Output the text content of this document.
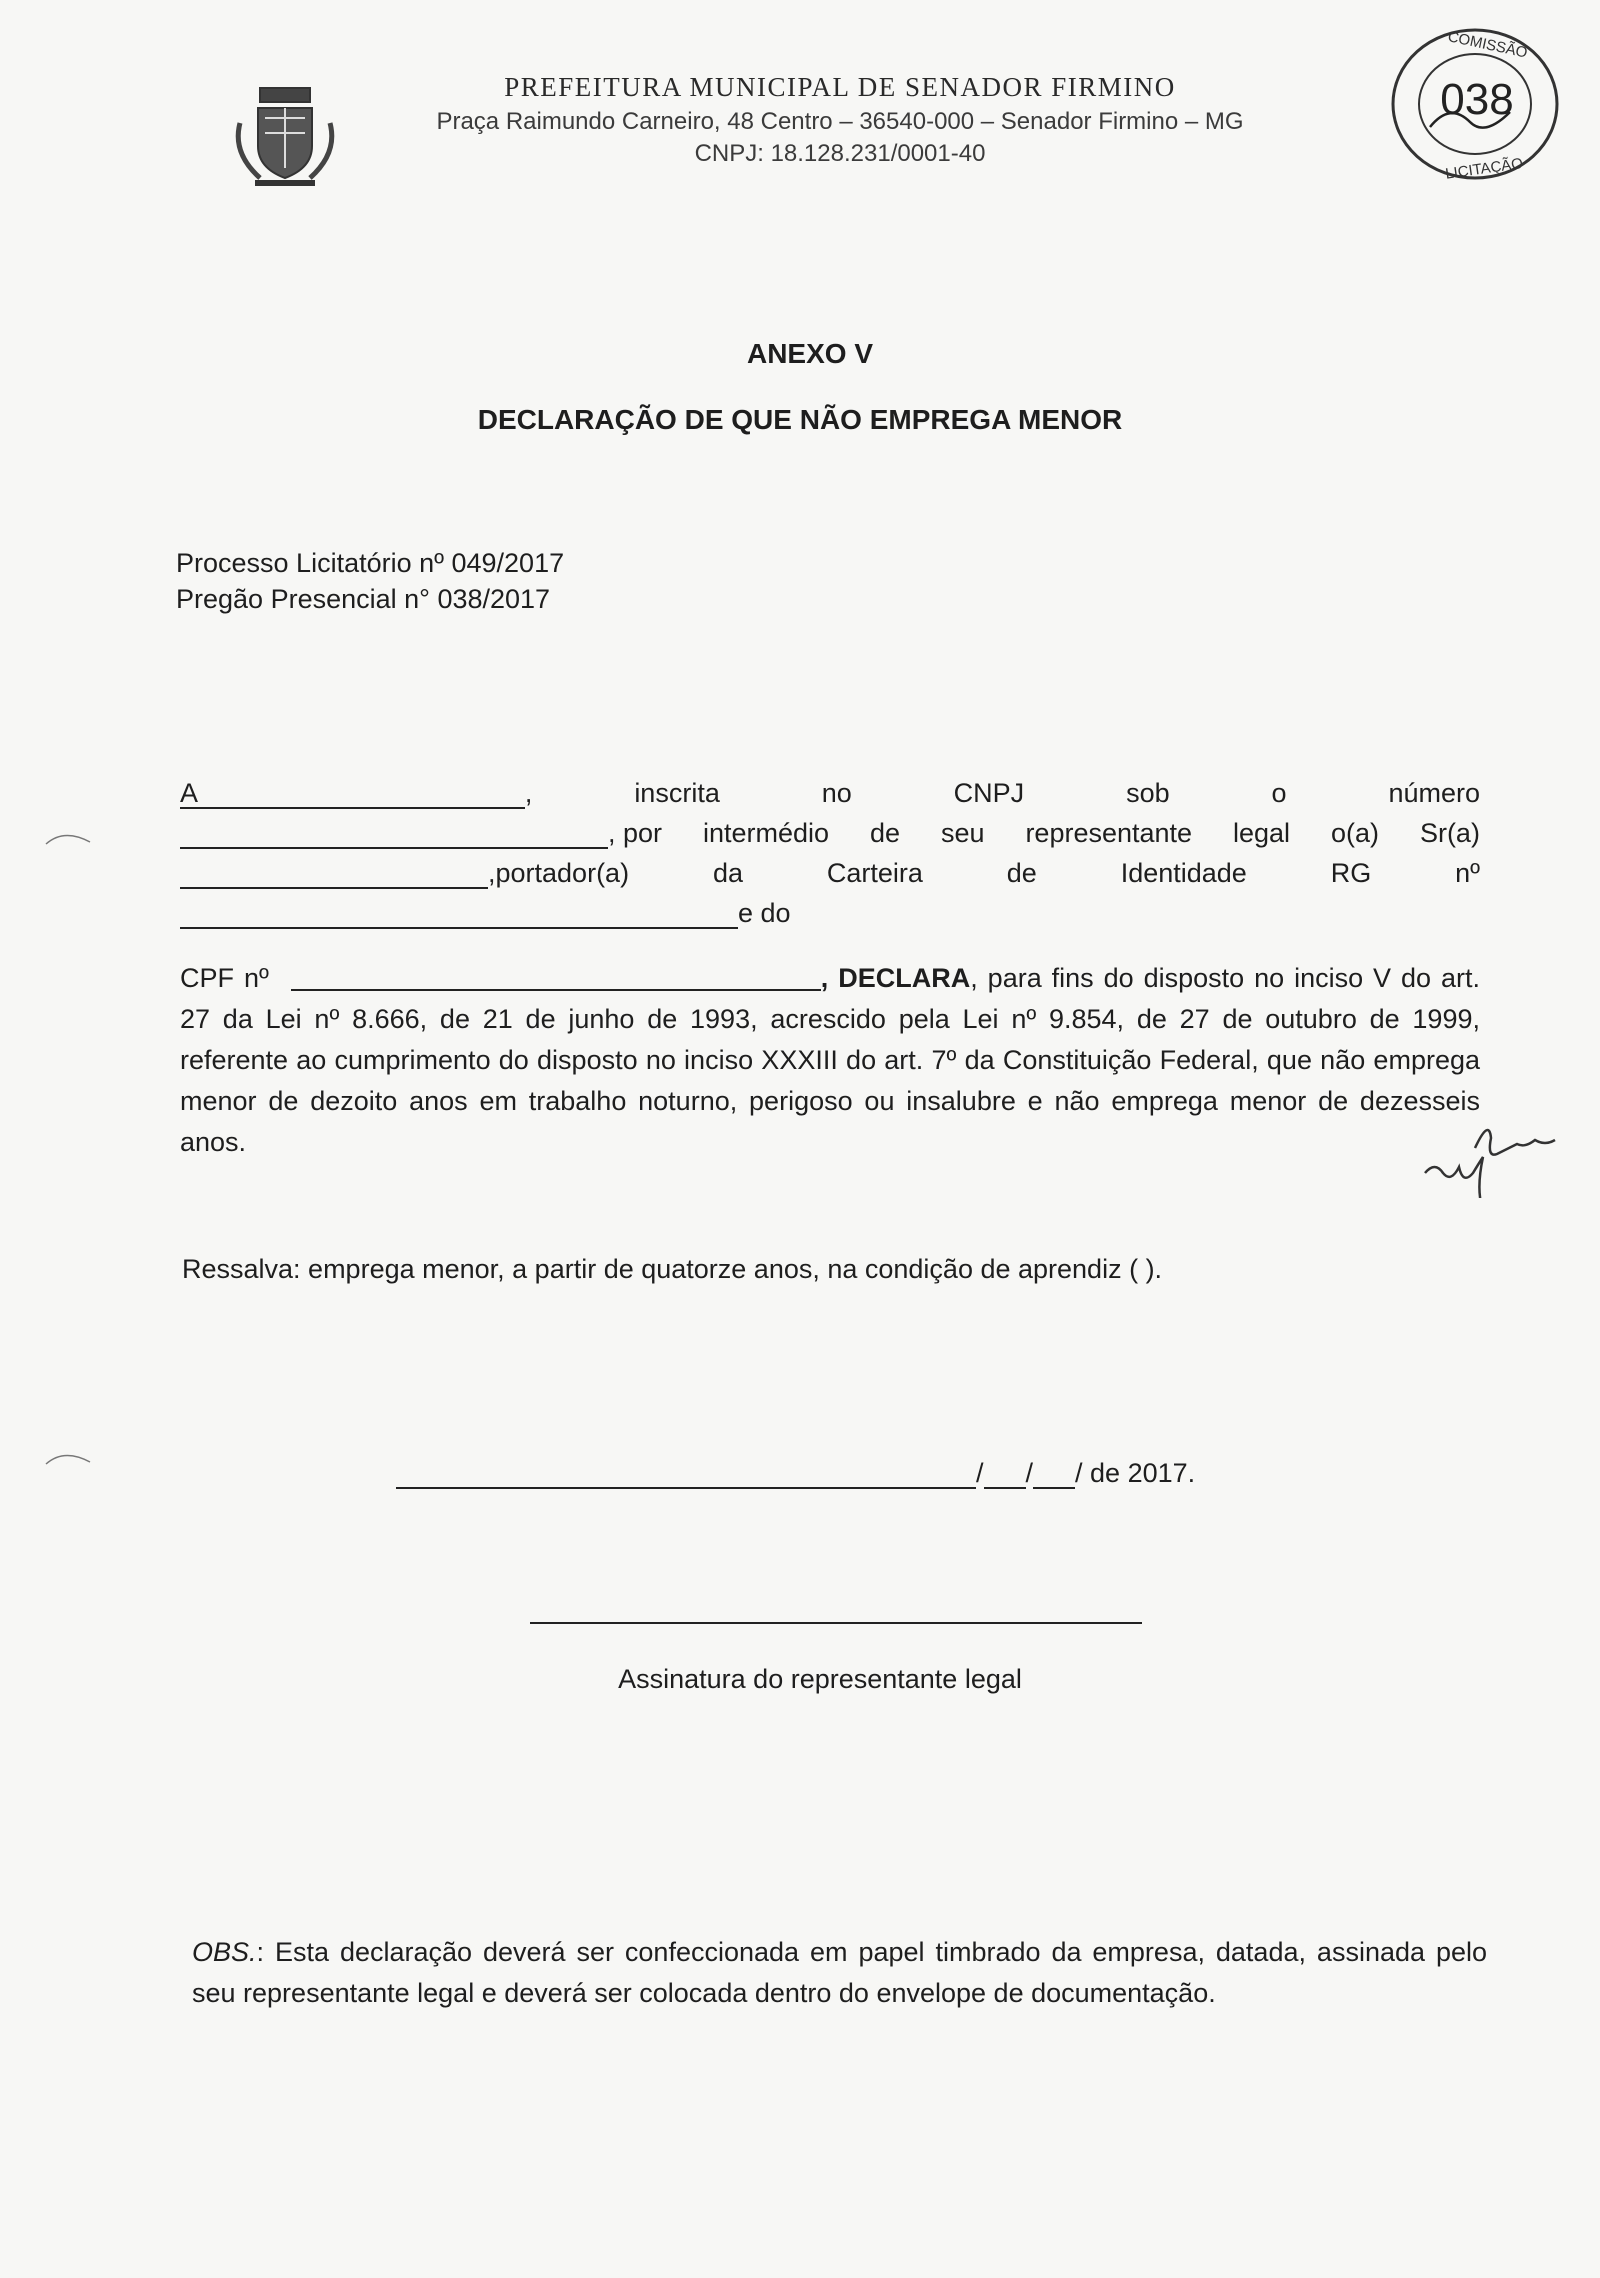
PREFEITURA MUNICIPAL DE SENADOR FIRMINO
Praça Raimundo Carneiro, 48 Centro – 36540-000 – Senador Firmino – MG
CNPJ: 18.128.231/0001-40
COMISSÃO
LICITAÇÃO
038
ANEXO V
DECLARAÇÃO DE QUE NÃO EMPREGA MENOR
Processo Licitatório nº 049/2017
Pregão Presencial n° 038/2017
A	,	inscrita	no	CNPJ	sob	o	número
, por intermédio de seu representante legal o(a) Sr(a)
,portador(a)	da	Carteira	de	Identidade	RG	nº
e do
CPF nº	, DECLARA, para fins do disposto no inciso V do art. 27 da Lei nº 8.666, de 21 de junho de 1993, acrescido pela Lei nº 9.854, de 27 de outubro de 1999, referente ao cumprimento do disposto no inciso XXXIII do art. 7º da Constituição Federal, que não emprega menor de dezoito anos em trabalho noturno, perigoso ou insalubre e não emprega menor de dezesseis anos.
Ressalva: emprega menor, a partir de quatorze anos, na condição de aprendiz ( ).
/ / / de 2017.
Assinatura do representante legal
OBS.: Esta declaração deverá ser confeccionada em papel timbrado da empresa, datada, assinada pelo seu representante legal e deverá ser colocada dentro do envelope de documentação.
